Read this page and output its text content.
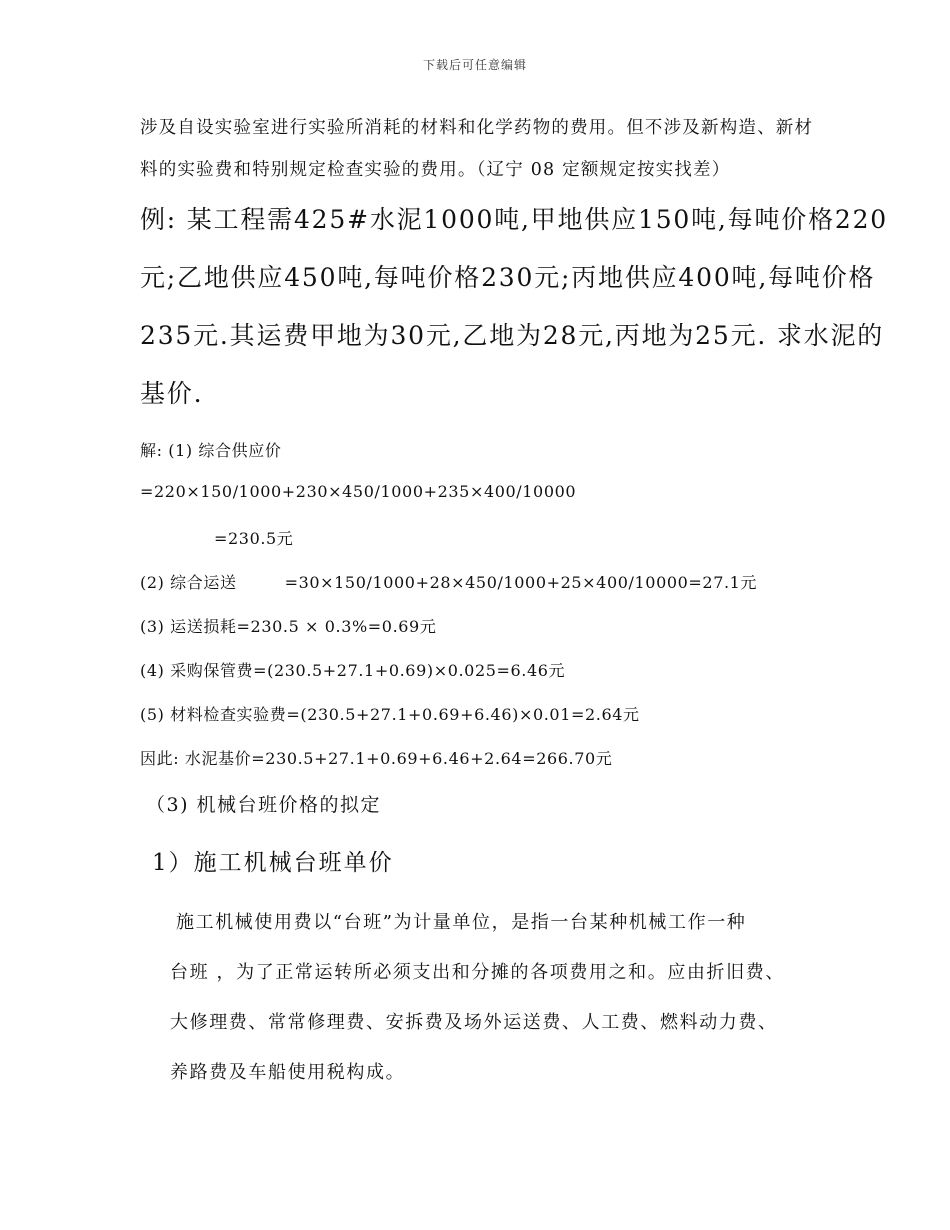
下载后可任意编辑
涉及自设实验室进行实验所消耗的材料和化学药物的费用。但不涉及新构造、新材
料的实验费和特别规定检查实验的费用。（辽宁 08 定额规定按实找差）
例: 某工程需425#水泥1000吨,甲地供应150吨,每吨价格220
元;乙地供应450吨,每吨价格230元;丙地供应400吨,每吨价格
235元.其运费甲地为30元,乙地为28元,丙地为25元. 求水泥的
基价.
解: (1) 综合供应价
=220×150/1000+230×450/1000+235×400/10000
=230.5元
(2) 综合运送	=30×150/1000+28×450/1000+25×400/10000=27.1元
(3) 运送损耗=230.5 × 0.3%=0.69元
(4) 采购保管费=(230.5+27.1+0.69)×0.025=6.46元
(5) 材料检查实验费=(230.5+27.1+0.69+6.46)×0.01=2.64元
因此: 水泥基价=230.5+27.1+0.69+6.46+2.64=266.70元
（3) 机械台班价格的拟定
1）施工机械台班单价
施工机械使用费以“台班”为计量单位，是指一台某种机械工作一种
台班 ，为了正常运转所必须支出和分摊的各项费用之和。应由折旧费、
大修理费、常常修理费、安拆费及场外运送费、人工费、燃料动力费、
养路费及车船使用税构成。
